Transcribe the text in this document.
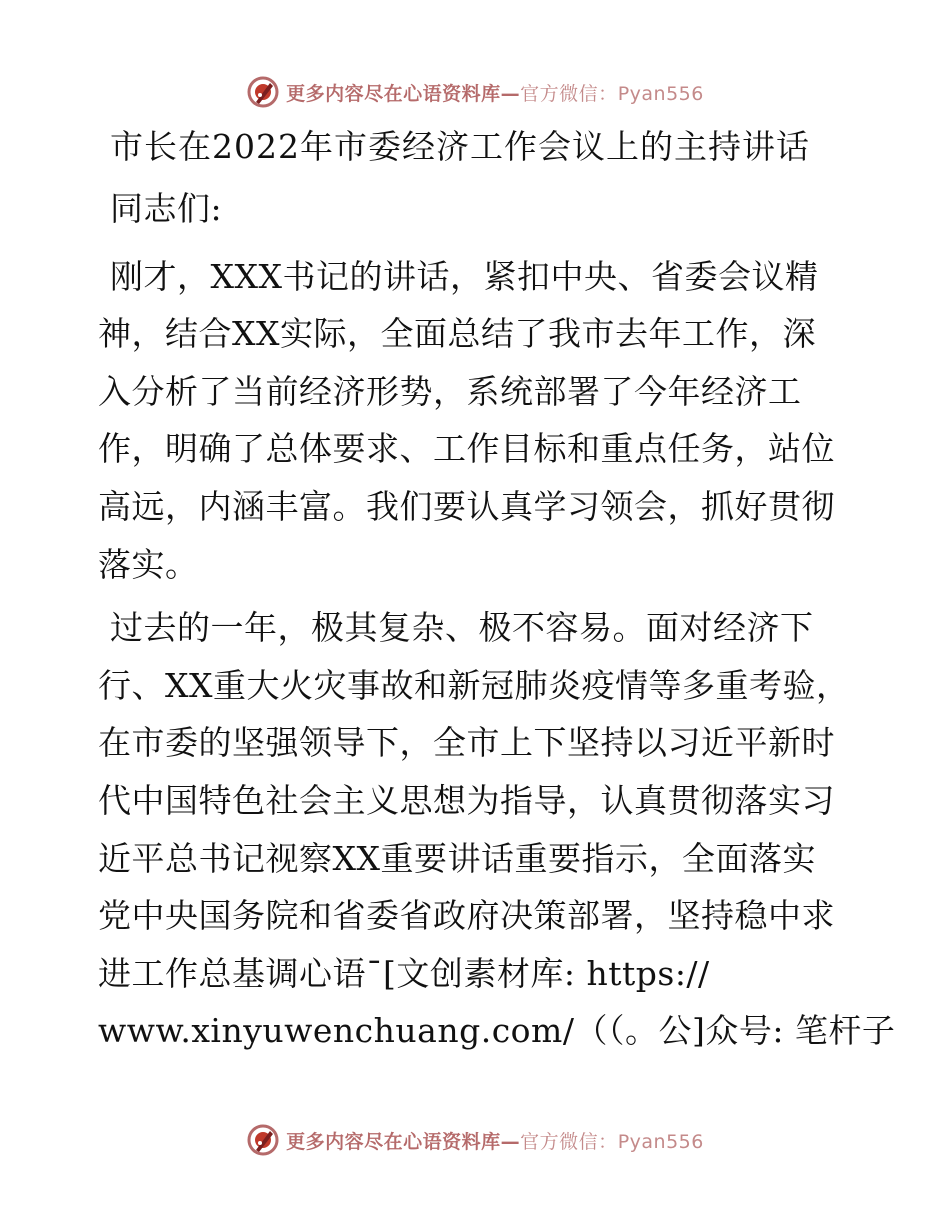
更多内容尽在心语资料库—官方微信：Pyan556

市长在2022年市委经济工作会议上的主持讲话

同志们:

刚才，XXX书记的讲话，紧扣中央、省委会议精

神，结合XX实际，全面总结了我市去年工作，深

入分析了当前经济形势，系统部署了今年经济工

作，明确了总体要求、工作目标和重点任务，站位

高远，内涵丰富。我们要认真学习领会，抓好贯彻

落实。

过去的一年，极其复杂、极不容易。面对经济下

行、XX重大火灾事故和新冠肺炎疫情等多重考验，

在市委的坚强领导下，全市上下坚持以习近平新时

代中国特色社会主义思想为指导，认真贯彻落实习

近平总书记视察XX重要讲话重要指示，全面落实

党中央国务院和省委省政府决策部署，坚持稳中求

进工作总基调心语¯[文创素材库: https://

www.xinyuwenchuang.com/（（。公]众号: 笔杆子

更多内容尽在心语资料库—官方微信：Pyan556
